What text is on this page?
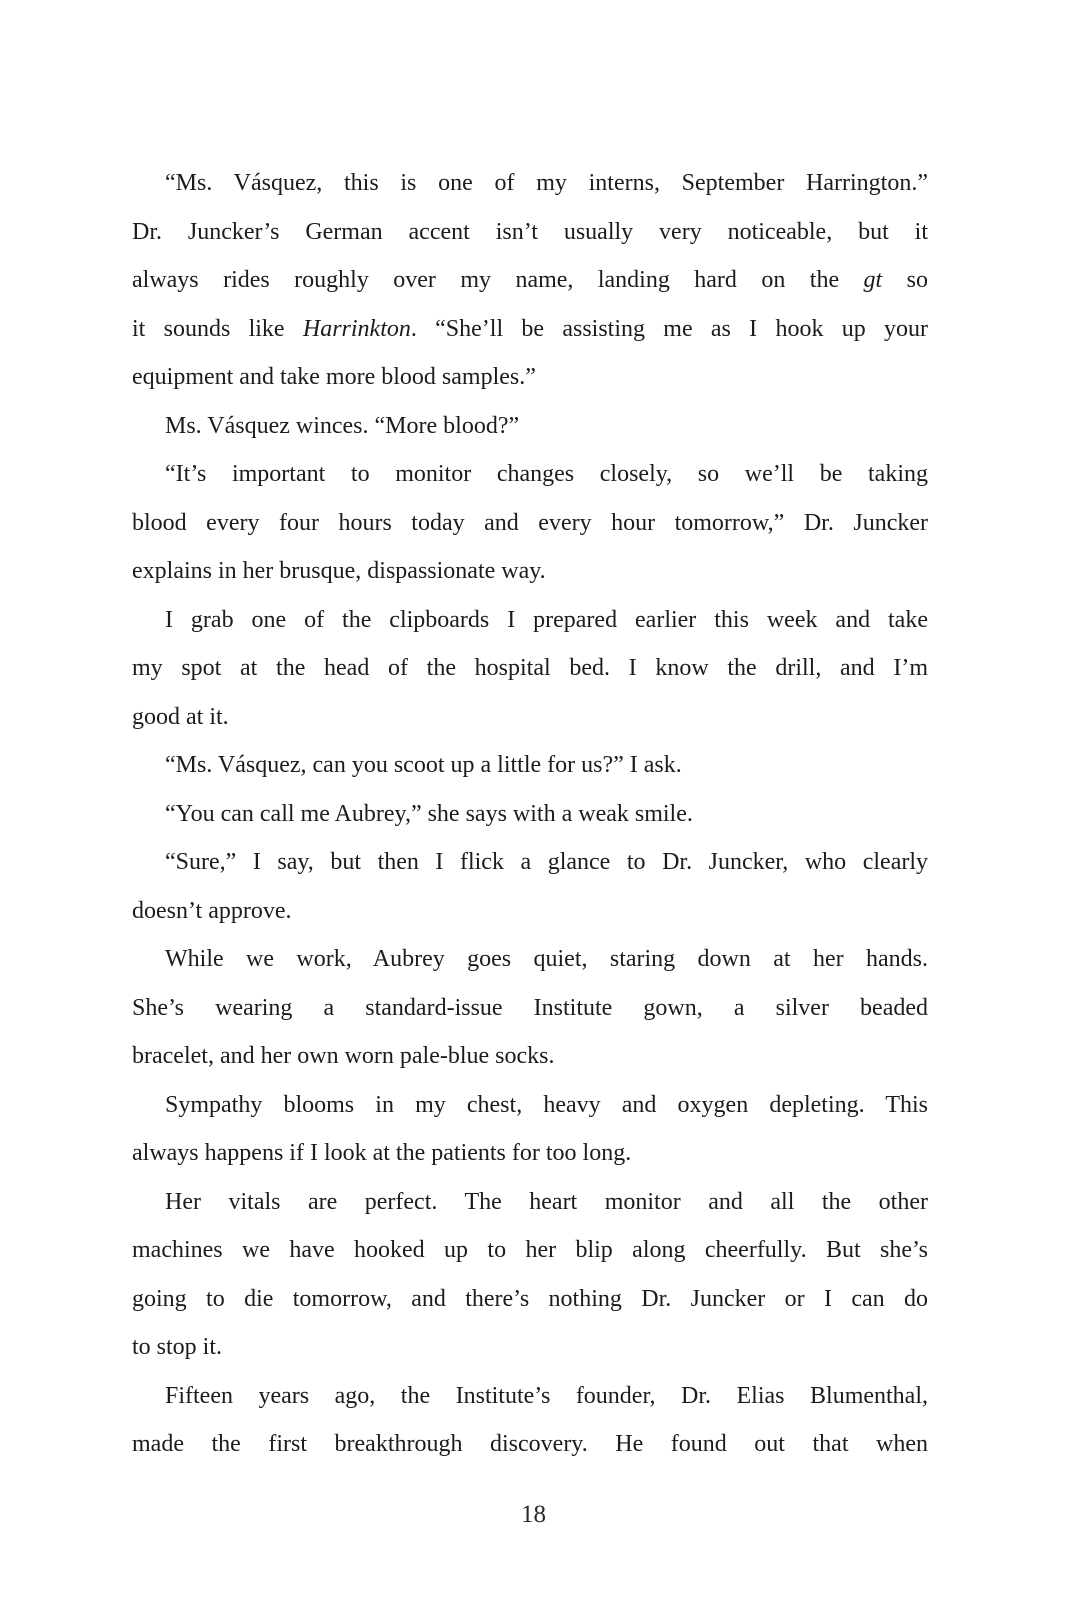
“Ms. Vásquez, this is one of my interns, September Harrington.”
Dr. Juncker’s German accent isn’t usually very noticeable, but it
always rides roughly over my name, landing hard on the gt so
it sounds like Harrinkton. “She’ll be assisting me as I hook up your
equipment and take more blood samples.”
Ms. Vásquez winces. “More blood?”
“It’s important to monitor changes closely, so we’ll be taking
blood every four hours today and every hour tomorrow,” Dr. Juncker
explains in her brusque, dispassionate way.
I grab one of the clipboards I prepared earlier this week and take
my spot at the head of the hospital bed. I know the drill, and I’m
good at it.
“Ms. Vásquez, can you scoot up a little for us?” I ask.
“You can call me Aubrey,” she says with a weak smile.
“Sure,” I say, but then I flick a glance to Dr. Juncker, who clearly
doesn’t approve.
While we work, Aubrey goes quiet, staring down at her hands.
She’s wearing a standard-issue Institute gown, a silver beaded
bracelet, and her own worn pale-blue socks.
Sympathy blooms in my chest, heavy and oxygen depleting. This
always happens if I look at the patients for too long.
Her vitals are perfect. The heart monitor and all the other
machines we have hooked up to her blip along cheerfully. But she’s
going to die tomorrow, and there’s nothing Dr. Juncker or I can do
to stop it.
Fifteen years ago, the Institute’s founder, Dr. Elias Blumenthal,
made the first breakthrough discovery. He found out that when
18
